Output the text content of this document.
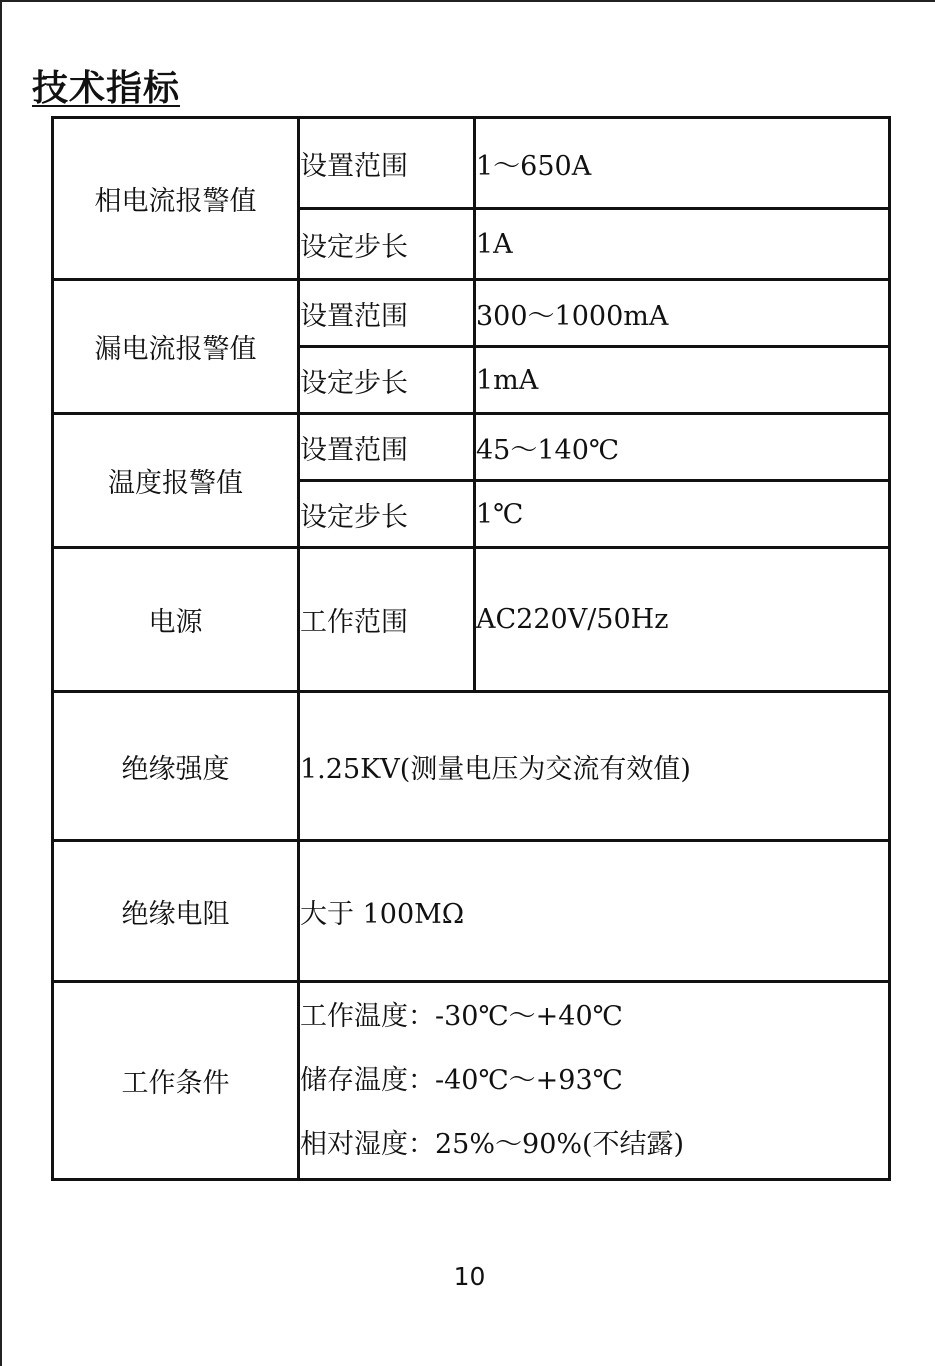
技术指标
相电流报警值	设置范围	1～650A
	设定步长	1A
漏电流报警值	设置范围	300～1000mA
	设定步长	1mA
温度报警值	设置范围	45～140℃
	设定步长	1℃
电源	工作范围	AC220V/50Hz
绝缘强度	1.25KV(测量电压为交流有效值)	
绝缘电阻	大于 100MΩ	
工作条件	工作温度：-30℃～+40℃
储存温度：-40℃～+93℃
相对湿度：25%～90%(不结露)	
10
